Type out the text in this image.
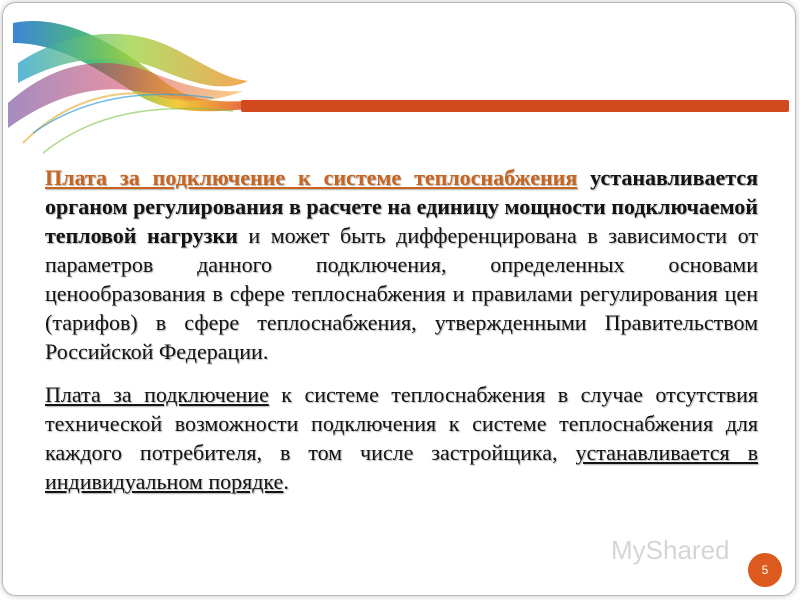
Плата за подключение к системе теплоснабжения устанавливается органом регулирования в расчете на единицу мощности подключаемой тепловой нагрузки и может быть дифференцирована в зависимости от параметров данного подключения, определенных основами ценообразования в сфере теплоснабжения и правилами регулирования цен (тарифов) в сфере теплоснабжения, утвержденными Правительством Российской Федерации.

Плата за подключение к системе теплоснабжения в случае отсутствия технической возможности подключения к системе теплоснабжения для каждого потребителя, в том числе застройщика, устанавливается в индивидуальном порядке.

MyShared
5
